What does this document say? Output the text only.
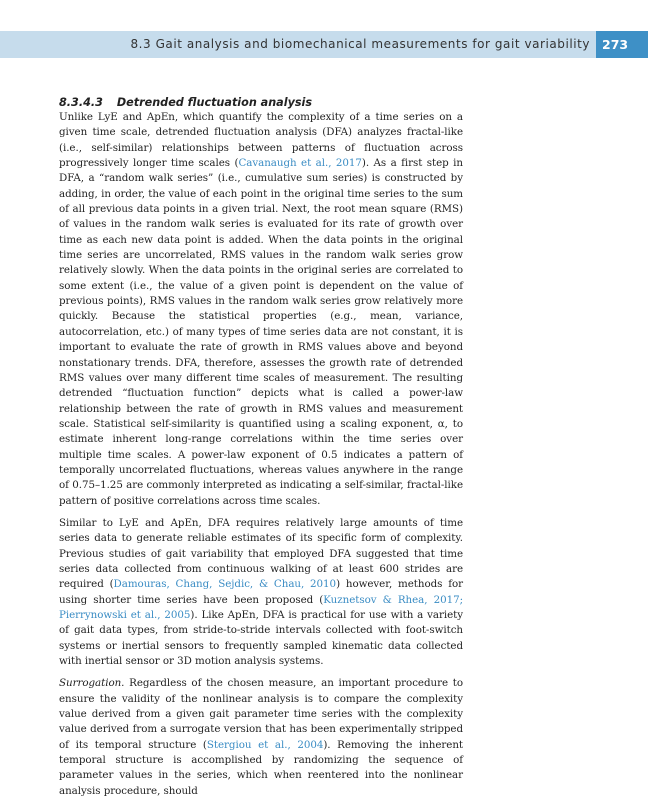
8.3 Gait analysis and biomechanical measurements for gait variability 273
8.3.4.3 Detrended fluctuation analysis

Unlike LyE and ApEn, which quantify the complexity of a time series on a given time scale, detrended fluctuation analysis (DFA) analyzes fractal-like (i.e., self-similar) relationships between patterns of fluctuation across progressively longer time scales (Cavanaugh et al., 2017). As a first step in DFA, a “random walk series” (i.e., cumulative sum series) is constructed by adding, in order, the value of each point in the original time series to the sum of all previous data points in a given trial. Next, the root mean square (RMS) of values in the random walk series is evaluated for its rate of growth over time as each new data point is added. When the data points in the original time series are uncorrelated, RMS values in the random walk series grow relatively slowly. When the data points in the original series are correlated to some extent (i.e., the value of a given point is dependent on the value of previous points), RMS values in the random walk series grow relatively more quickly. Because the statistical properties (e.g., mean, variance, autocorrelation, etc.) of many types of time series data are not constant, it is important to evaluate the rate of growth in RMS values above and beyond nonstationary trends. DFA, therefore, assesses the growth rate of detrended RMS values over many different time scales of measurement. The resulting detrended “fluctuation function” depicts what is called a power-law relationship between the rate of growth in RMS values and measurement scale. Statistical self-similarity is quantified using a scaling exponent, α, to estimate inherent long-range correlations within the time series over multiple time scales. A power-law exponent of 0.5 indicates a pattern of temporally uncorrelated fluctuations, whereas values anywhere in the range of 0.75–1.25 are commonly interpreted as indicating a self-similar, fractal-like pattern of positive correlations across time scales.

Similar to LyE and ApEn, DFA requires relatively large amounts of time series data to generate reliable estimates of its specific form of complexity. Previous studies of gait variability that employed DFA suggested that time series data collected from continuous walking of at least 600 strides are required (Damouras, Chang, Sejdic, & Chau, 2010) however, methods for using shorter time series have been proposed (Kuznetsov & Rhea, 2017; Pierrynowski et al., 2005). Like ApEn, DFA is practical for use with a variety of gait data types, from stride-to-stride intervals collected with foot-switch systems or inertial sensors to frequently sampled kinematic data collected with inertial sensor or 3D motion analysis systems.

Surrogation. Regardless of the chosen measure, an important procedure to ensure the validity of the nonlinear analysis is to compare the complexity value derived from a given gait parameter time series with the complexity value derived from a surrogate version that has been experimentally stripped of its temporal structure (Stergiou et al., 2004). Removing the inherent temporal structure is accomplished by randomizing the sequence of parameter values in the series, which when reentered into the nonlinear analysis procedure, should
